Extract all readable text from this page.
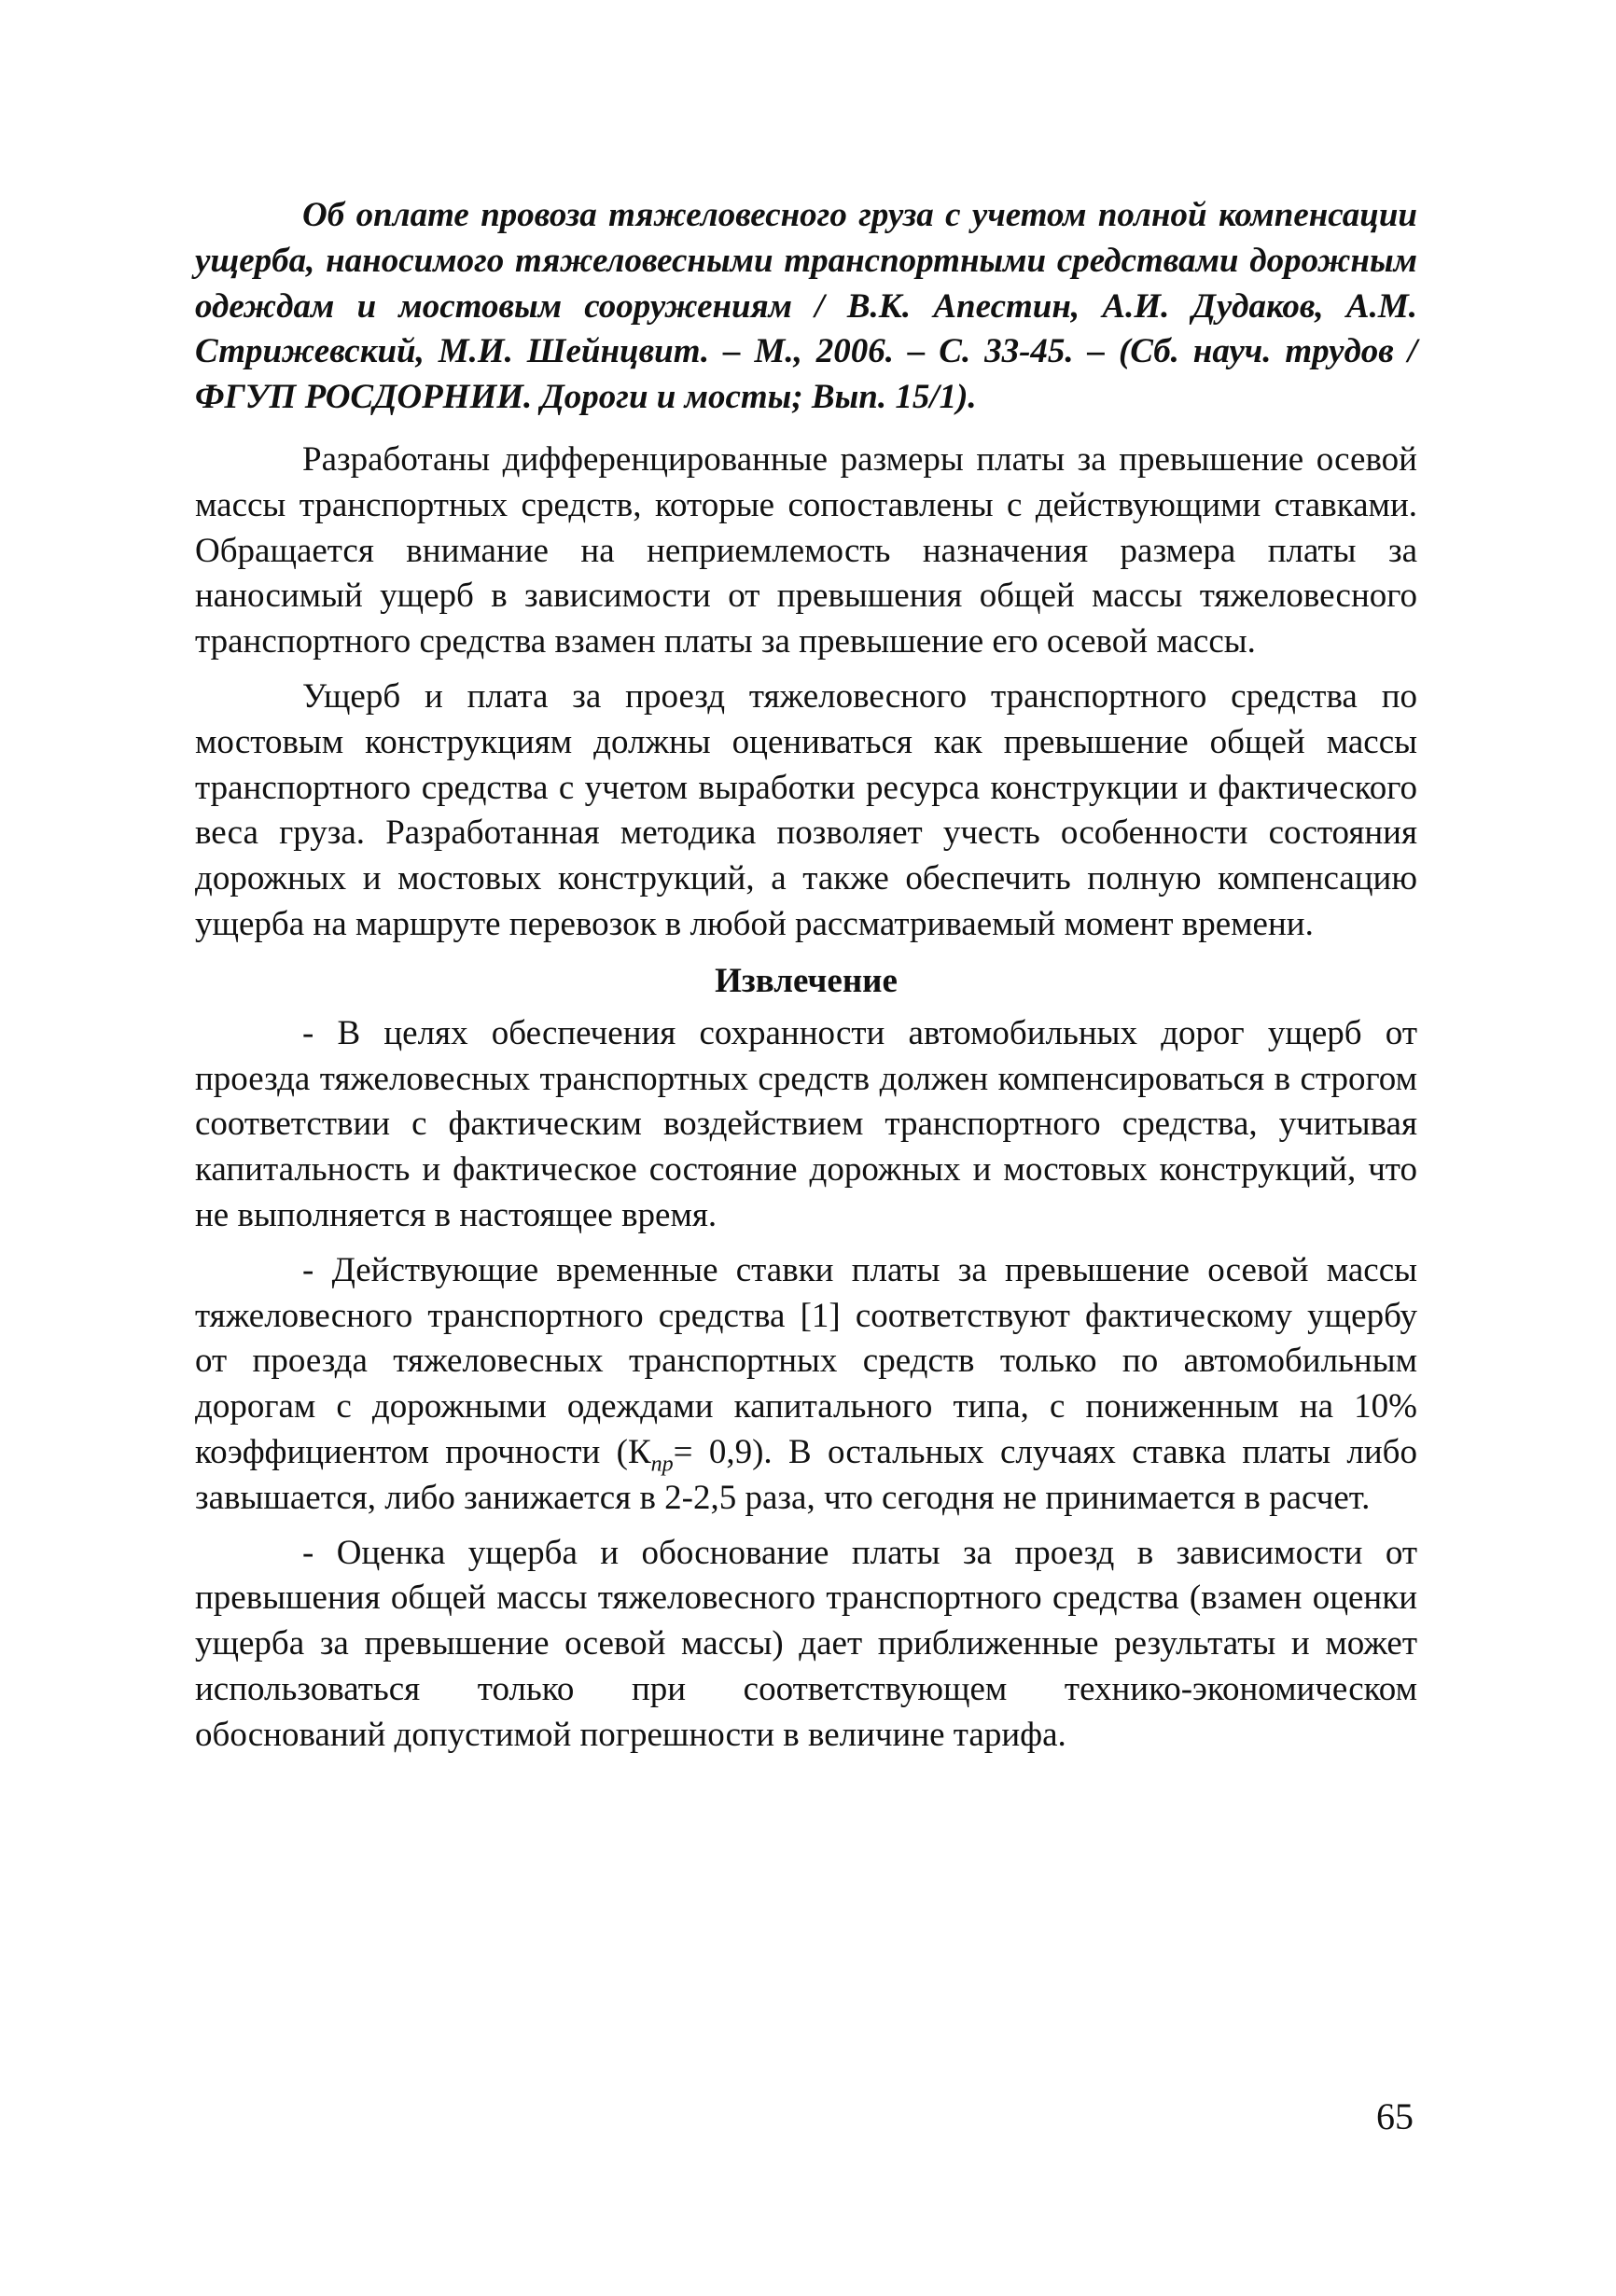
Об оплате провоза тяжеловесного груза с учетом полной компенсации ущерба, наносимого тяжеловесными транспортными средствами дорожным одеждам и мостовым сооружениям / В.К. Апестин, А.И. Дудаков, А.М. Стрижевский, М.И. Шейнцвит. – М., 2006. – С. 33-45. – (Сб. науч. трудов / ФГУП РОСДОРНИИ. Дороги и мосты; Вып. 15/1).

Разработаны дифференцированные размеры платы за превышение осевой массы транспортных средств, которые сопоставлены с действующими ставками. Обращается внимание на неприемлемость назначения размера платы за наносимый ущерб в зависимости от превышения общей массы тяжеловесного транспортного средства взамен платы за превышение его осевой массы.

Ущерб и плата за проезд тяжеловесного транспортного средства по мостовым конструкциям должны оцениваться как превышение общей массы транспортного средства с учетом выработки ресурса конструкции и фактического веса груза. Разработанная методика позволяет учесть особенности состояния дорожных и мостовых конструкций, а также обеспечить полную компенсацию ущерба на маршруте перевозок в любой рассматриваемый момент времени.

Извлечение

- В целях обеспечения сохранности автомобильных дорог ущерб от проезда тяжеловесных транспортных средств должен компенсироваться в строгом соответствии с фактическим воздействием транспортного средства, учитывая капитальность и фактическое состояние дорожных и мостовых конструкций, что не выполняется в настоящее время.

- Действующие временные ставки платы за превышение осевой массы тяжеловесного транспортного средства [1] соответствуют фактическому ущербу от проезда тяжеловесных транспортных средств только по автомобильным дорогам с дорожными одеждами капитального типа, с пониженным на 10% коэффициентом прочности $(К_{пр}= 0,9)$. В остальных случаях ставка платы либо завышается, либо занижается в 2-2,5 раза, что сегодня не принимается в расчет.

- Оценка ущерба и обоснование платы за проезд в зависимости от превышения общей массы тяжеловесного транспортного средства (взамен оценки ущерба за превышение осевой массы) дает приближенные результаты и может использоваться только при соответствующем технико-экономическом обоснований допустимой погрешности в величине тарифа.

65
